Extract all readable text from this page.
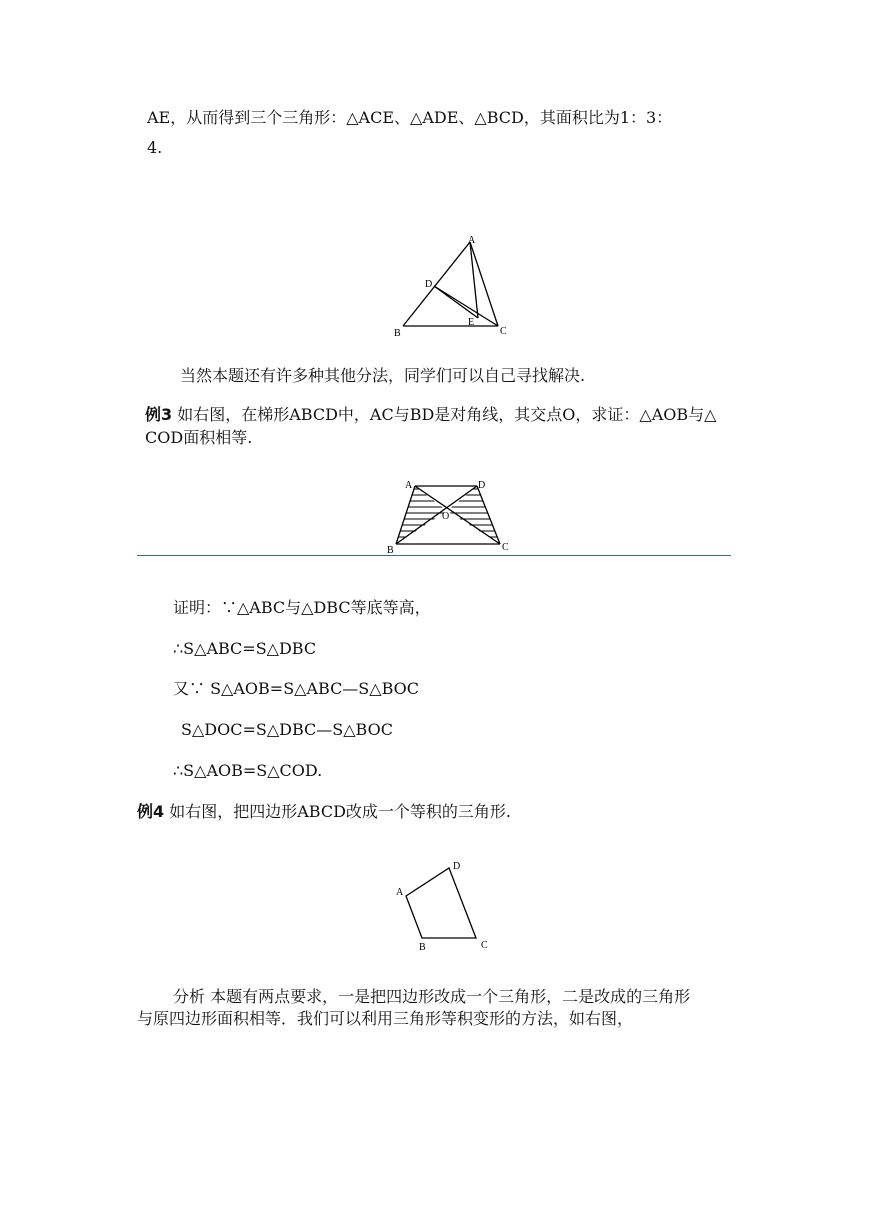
AE，从而得到三个三角形：△ACE、△ADE、△BCD，其面积比为1：3：
4.
A
B	C
D
E
当然本题还有许多种其他分法，同学们可以自己寻找解决.
例3 如右图，在梯形ABCD中，AC与BD是对角线，其交点O，求证：△AOB与△
COD面积相等.
A	D
O
B	C
证明：∵△ABC与△DBC等底等高，
∴S△ABC=S△DBC
又∵ S△AOB=S△ABC—S△BOC
S△DOC=S△DBC—S△BOC
∴S△AOB=S△COD.
例4 如右图，把四边形ABCD改成一个等积的三角形.
A
D
B	C
分析 本题有两点要求，一是把四边形改成一个三角形，二是改成的三角形
与原四边形面积相等．我们可以利用三角形等积变形的方法，如右图，
